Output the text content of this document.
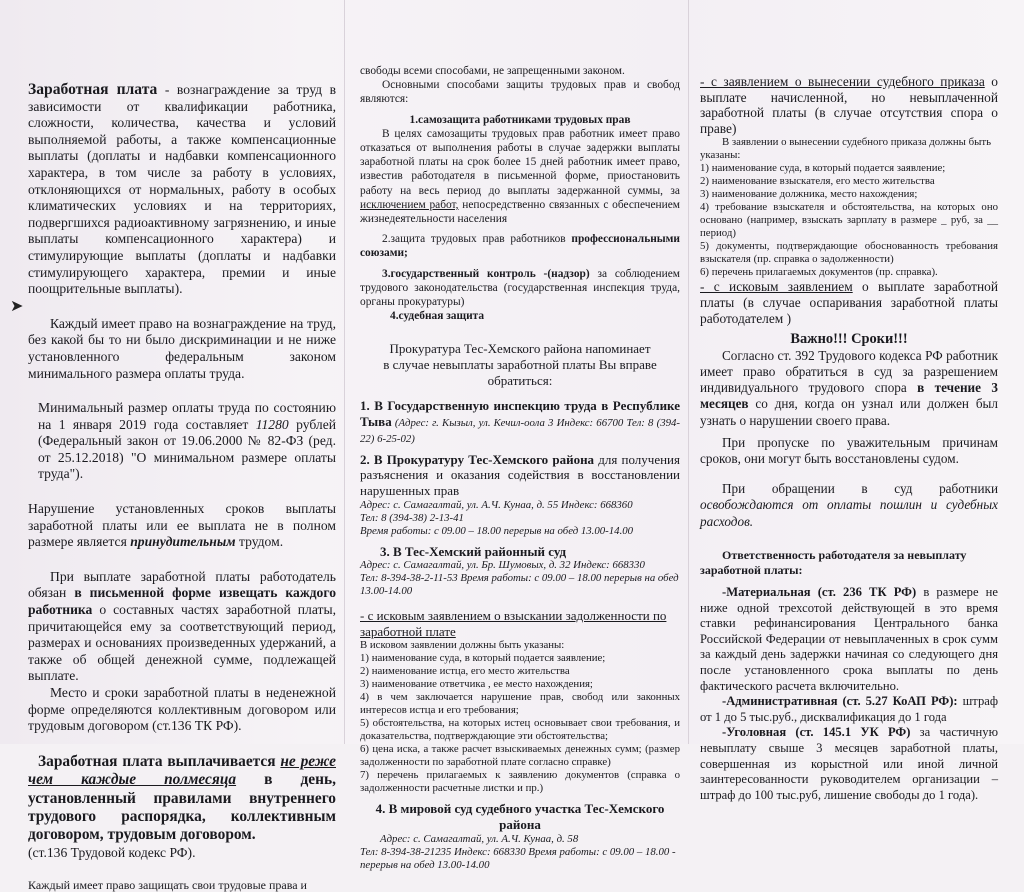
➤

Заработная плата - вознаграждение за труд в зависимости от квалификации работника, сложности, количества, качества и условий выполняемой работы, а также компенсационные выплаты (доплаты и надбавки компенсационного характера, в том числе за работу в условиях, отклоняющихся от нормальных, работу в особых климатических условиях и на территориях, подвергшихся радиоактивному загрязнению, и иные выплаты компенсационного характера) и стимулирующие выплаты (доплаты и надбавки стимулирующего характера, премии и иные поощрительные выплаты).

Каждый имеет право на вознаграждение на труд, без какой бы то ни было дискриминации и не ниже установленного федеральным законом минимального размера оплаты труда.

Минимальный размер оплаты труда по состоянию на 1 января 2019 года составляет 11280 рублей (Федеральный закон от 19.06.2000 № 82-ФЗ (ред. от 25.12.2018) "О минимальном размере оплаты труда").

Нарушение установленных сроков выплаты заработной платы или ее выплата не в полном размере является принудительным трудом.

При выплате заработной платы работодатель обязан в письменной форме извещать каждого работника о составных частях заработной платы, причитающейся ему за соответствующий период, размерах и основаниях произведенных удержаний, а также об общей денежной сумме, подлежащей выплате.

Место и сроки заработной платы в неденежной форме определяются коллективным договором или трудовым договором (ст.136 ТК РФ).

Заработная плата выплачивается не реже чем каждые полмесяца в день, установленный правилами внутреннего трудового распорядка, коллективным договором, трудовым договором.

(ст.136 Трудовой кодекс РФ).

Каждый имеет право защищать свои трудовые права и

свободы всеми способами, не запрещенными законом.

Основными способами защиты трудовых прав и свобод являются:

1.самозащита работниками трудовых прав

В целях самозащиты трудовых прав работник имеет право отказаться от выполнения работы в случае задержки выплаты заработной платы на срок более 15 дней работник имеет право, известив работодателя в письменной форме, приостановить работу на весь период до выплаты задержанной суммы, за исключением работ, непосредственно связанных с обеспечением жизнедеятельности населения

2.защита трудовых прав работников профессиональными союзами;

3.государственный контроль -(надзор) за соблюдением трудового законодательства (государственная инспекция труда, органы прокуратуры)

4.судебная защита

Прокуратура Тес-Хемского района напоминает

в случае невыплаты заработной платы Вы вправе обратиться:

1. В Государственную инспекцию труда в Республике Тыва (Адрес: г. Кызыл, ул. Кечил-оола 3 Индекс: 66700 Тел: 8 (394-22) 6-25-02)

2. В Прокуратуру Тес-Хемского района для получения разъяснения и оказания содействия в восстановлении нарушенных прав

Адрес: с. Самагалтай, ул. А.Ч. Кунаа, д. 55 Индекс: 668360

Тел: 8 (394-38) 2-13-41

Время работы: с 09.00 – 18.00 перерыв на обед 13.00-14.00

3. В Тес-Хемский районный суд

Адрес: с. Самагалтай, ул. Бр. Шумовых, д. 32 Индекс: 668330

Тел: 8-394-38-2-11-53 Время работы: с 09.00 – 18.00 перерыв на обед 13.00-14.00

- с исковым заявлением о взыскании задолженности по заработной плате

В исковом заявлении должны быть указаны:

1) наименование суда, в который подается заявление;

2) наименование истца, его место жительства

3) наименование ответчика , ее место нахождения;

4) в чем заключается нарушение прав, свобод или законных интересов истца и его требования;

5) обстоятельства, на которых истец основывает свои требования, и доказательства, подтверждающие эти обстоятельства;

6) цена иска, а также расчет взыскиваемых денежных сумм; (размер задолженности по заработной плате согласно справке)

7) перечень прилагаемых к заявлению документов (справка о задолженности расчетные листки и пр.)

4. В мировой суд судебного участка Тес-Хемского района

Адрес: с. Самагалтай, ул. А.Ч. Кунаа, д. 58

Тел: 8-394-38-21235 Индекс: 668330 Время работы: с 09.00 – 18.00 - перерыв на обед 13.00-14.00

- с заявлением о вынесении судебного приказа о выплате начисленной, но невыплаченной заработной платы (в случае отсутствия спора о праве)

В заявлении о вынесении судебного приказа должны быть указаны:

1) наименование суда, в который подается заявление;

2) наименование взыскателя, его место жительства

3) наименование должника, место нахождения;

4) требование взыскателя и обстоятельства, на которых оно основано (например, взыскать зарплату в размере _ руб, за __ период)

5) документы, подтверждающие обоснованность требования взыскателя (пр. справка о задолженности)

6) перечень прилагаемых документов (пр. справка).

- с исковым заявлением о выплате заработной платы (в случае оспаривания заработной платы работодателем )

Важно!!! Сроки!!!

Согласно ст. 392 Трудового кодекса РФ работник имеет право обратиться в суд за разрешением индивидуального трудового спора в течение 3 месяцев со дня, когда он узнал или должен был узнать о нарушении своего права.

При пропуске по уважительным причинам сроков, они могут быть восстановлены судом.

При обращении в суд работники освобождаются от оплаты пошлин и судебных расходов.

Ответственность работодателя за невыплату заработной платы:

-Материальная (ст. 236 ТК РФ) в размере не ниже одной трехсотой действующей в это время ставки рефинансирования Центрального банка Российской Федерации от невыплаченных в срок сумм за каждый день задержки начиная со следующего дня после установленного срока выплаты по день фактического расчета включительно.

-Административная (ст. 5.27 КоАП РФ): штраф от 1 до 5 тыс.руб., дисквалификация до 1 года

-Уголовная (ст. 145.1 УК РФ) за частичную невыплату свыше 3 месяцев заработной платы, совершенная из корыстной или иной личной заинтересованности руководителем организации – штраф до 100 тыс.руб, лишение свободы до 1 года).
